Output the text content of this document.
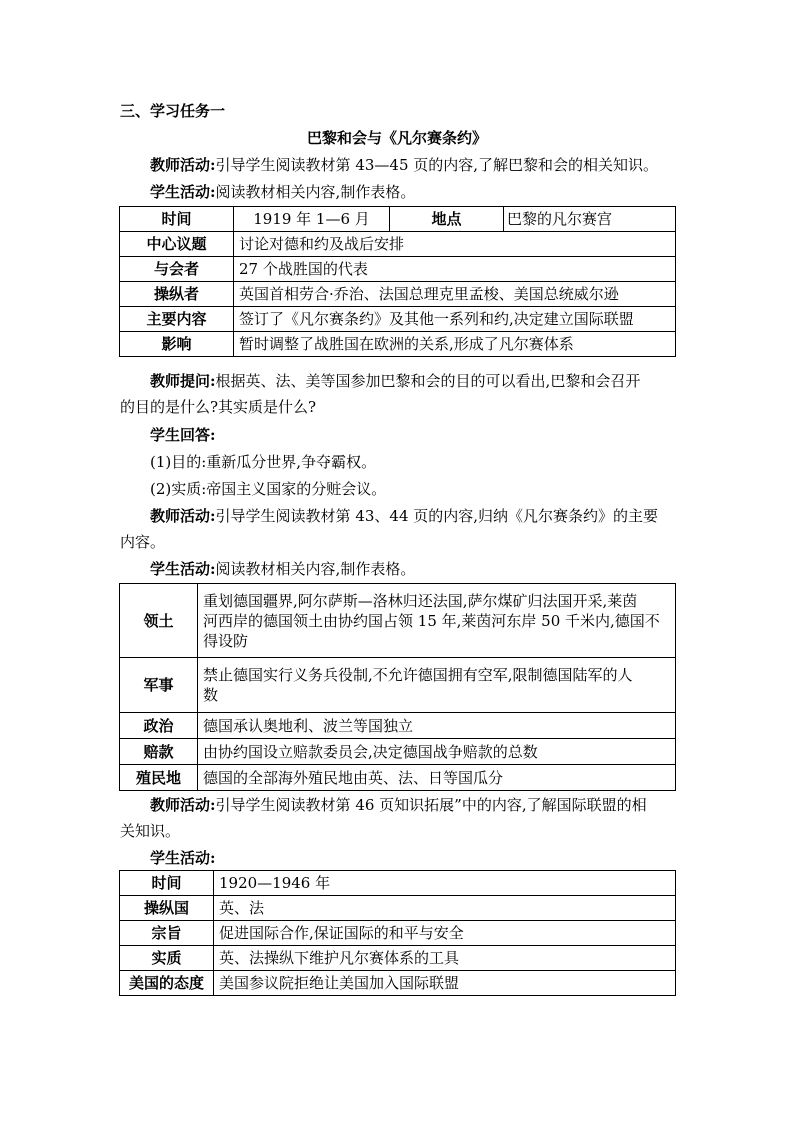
三、学习任务一
巴黎和会与《凡尔赛条约》
教师活动:引导学生阅读教材第 43—45 页的内容,了解巴黎和会的相关知识。
学生活动:阅读教材相关内容,制作表格。
时间	1919 年 1—6 月	地点	巴黎的凡尔赛宫
中心议题	讨论对德和约及战后安排		
与会者	27 个战胜国的代表		
操纵者	英国首相劳合·乔治、法国总理克里孟梭、美国总统威尔逊		
主要内容	签订了《凡尔赛条约》及其他一系列和约,决定建立国际联盟		
影响	暂时调整了战胜国在欧洲的关系,形成了凡尔赛体系		
教师提问:根据英、法、美等国参加巴黎和会的目的可以看出,巴黎和会召开
的目的是什么?其实质是什么?
学生回答:
(1)目的:重新瓜分世界,争夺霸权。
(2)实质:帝国主义国家的分赃会议。
教师活动:引导学生阅读教材第 43、44 页的内容,归纳《凡尔赛条约》的主要
内容。
学生活动:阅读教材相关内容,制作表格。
领土	重划德国疆界,阿尔萨斯—洛林归还法国,萨尔煤矿归法国开采,莱茵
河西岸的德国领土由协约国占领 15 年,莱茵河东岸 50 千米内,德国不
得设防

军事	禁止德国实行义务兵役制,不允许德国拥有空军,限制德国陆军的人
数

政治	德国承认奥地利、波兰等国独立

赔款	由协约国设立赔款委员会,决定德国战争赔款的总数

殖民地	德国的全部海外殖民地由英、法、日等国瓜分
教师活动:引导学生阅读教材第 46 页知识拓展”中的内容,了解国际联盟的相
关知识。
学生活动:
时间	1920—1946 年
操纵国	英、法
宗旨	促进国际合作,保证国际的和平与安全
实质	英、法操纵下维护凡尔赛体系的工具
美国的态度	美国参议院拒绝让美国加入国际联盟
